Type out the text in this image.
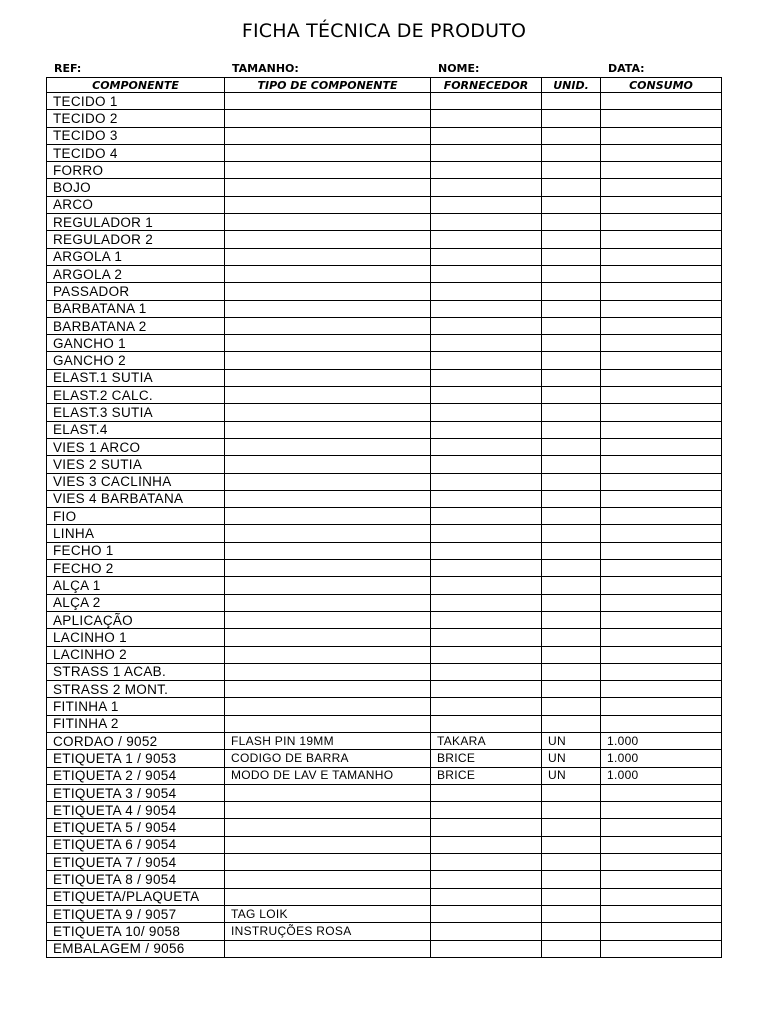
FICHA TÉCNICA DE PRODUTO
REF:	TAMANHO:	NOME:	DATA:
COMPONENTE	TIPO DE COMPONENTE	FORNECEDOR	UNID.	CONSUMO
TECIDO 1				
TECIDO 2				
TECIDO 3				
TECIDO 4				
FORRO				
BOJO				
ARCO				
REGULADOR 1				
REGULADOR 2				
ARGOLA 1				
ARGOLA 2				
PASSADOR				
BARBATANA 1				
BARBATANA 2				
GANCHO 1				
GANCHO 2				
ELAST.1 SUTIA				
ELAST.2 CALC.				
ELAST.3 SUTIA				
ELAST.4				
VIES 1 ARCO				
VIES 2 SUTIA				
VIES 3 CACLINHA				
VIES 4 BARBATANA				
FIO				
LINHA				
FECHO 1				
FECHO 2				
ALÇA 1				
ALÇA 2				
APLICAÇÃO				
LACINHO 1				
LACINHO 2				
STRASS 1 ACAB.				
STRASS 2 MONT.				
FITINHA 1				
FITINHA 2				
CORDAO / 9052	FLASH PIN 19MM	TAKARA	UN	1.000
ETIQUETA 1 / 9053	CODIGO DE BARRA	BRICE	UN	1.000
ETIQUETA 2 / 9054	MODO DE LAV E TAMANHO	BRICE	UN	1.000
ETIQUETA 3 / 9054				
ETIQUETA 4 / 9054				
ETIQUETA 5 / 9054				
ETIQUETA 6 / 9054				
ETIQUETA 7 / 9054				
ETIQUETA 8 / 9054				
ETIQUETA/PLAQUETA				
ETIQUETA 9 / 9057	TAG LOIK			
ETIQUETA 10/ 9058	INSTRUÇÕES ROSA			
EMBALAGEM / 9056				
